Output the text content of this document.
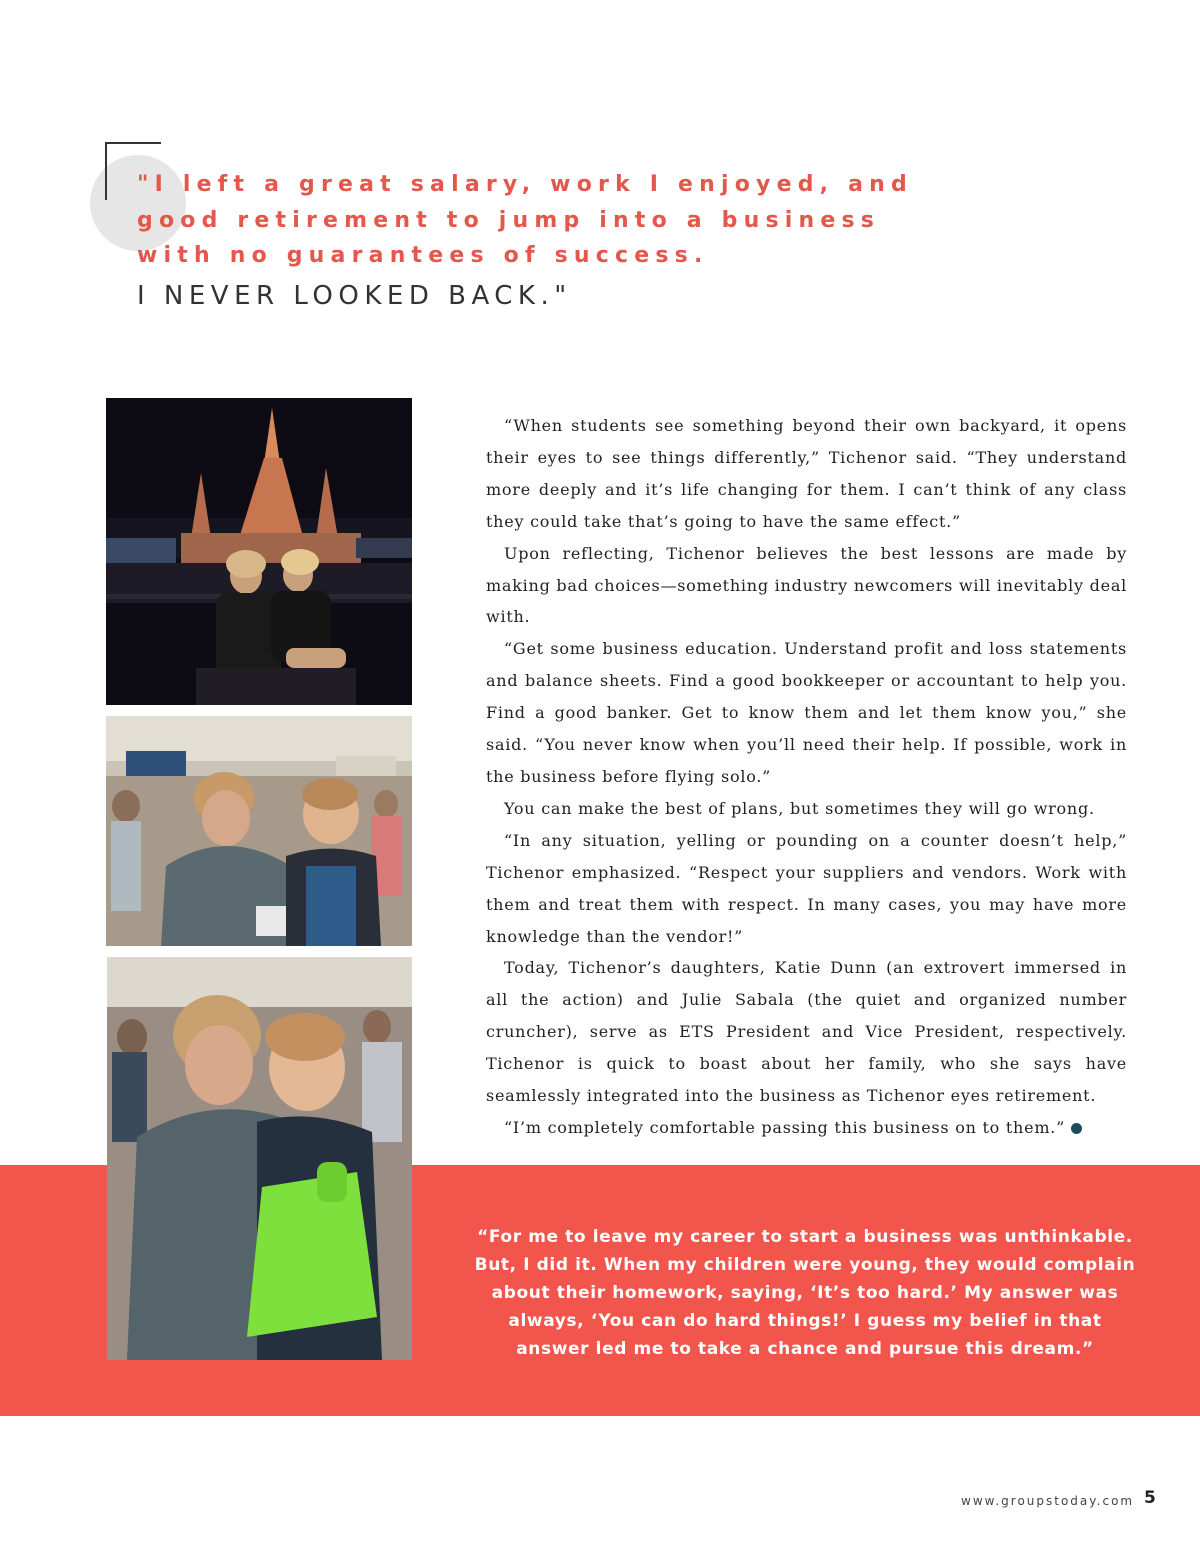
"I left a great salary, work I enjoyed, and
good retirement to jump into a business
with no guarantees of success.
I NEVER LOOKED BACK."
“For me to leave my career to start a business was unthinkable. But, I did it. When my children were young, they would complain about their homework, saying, ‘It’s too hard.’ My answer was always, ‘You can do hard things!’ I guess my belief in that answer led me to take a chance and pursue this dream.”

“When students see something beyond their own backyard, it opens their eyes to see things differently,” Tichenor said. “They understand more deeply and it’s life changing for them. I can’t think of any class they could take that’s going to have the same effect.”

Upon reflecting, Tichenor believes the best lessons are made by making bad choices—something industry newcomers will inevitably deal with.

“Get some business education. Understand profit and loss statements and balance sheets. Find a good bookkeeper or accountant to help you. Find a good banker. Get to know them and let them know you,” she said. “You never know when you’ll need their help. If possible, work in the business before flying solo.”

You can make the best of plans, but sometimes they will go wrong.

“In any situation, yelling or pounding on a counter doesn’t help,” Tichenor emphasized. “Respect your suppliers and vendors. Work with them and treat them with respect. In many cases, you may have more knowledge than the vendor!”

Today, Tichenor’s daughters, Katie Dunn (an extrovert immersed in all the action) and Julie Sabala (the quiet and organized number cruncher), serve as ETS President and Vice President, respectively. Tichenor is quick to boast about her family, who she says have seamlessly integrated into the business as Tichenor eyes retirement.

“I’m completely comfortable passing this business on to them.”

www.groupstoday.com 5
